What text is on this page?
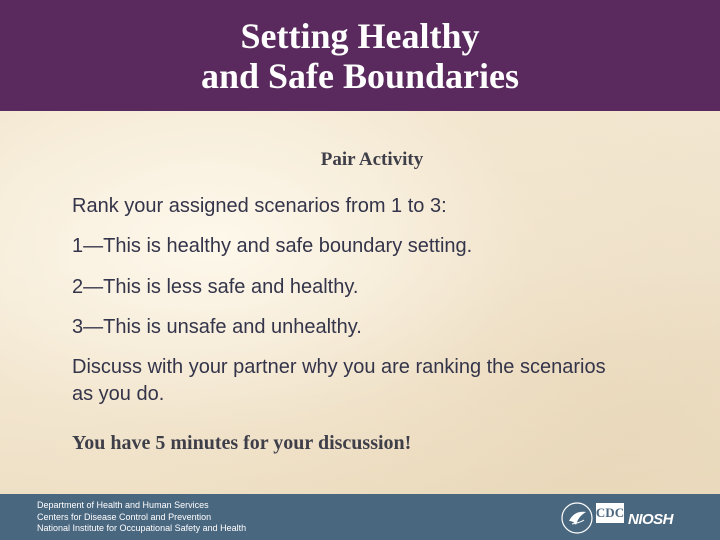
Setting Healthy
and Safe Boundaries
Pair Activity

Rank your assigned scenarios from 1 to 3:

1—This is healthy and safe boundary setting.

2—This is less safe and healthy.

3—This is unsafe and unhealthy.

Discuss with your partner why you are ranking the scenarios as you do.

You have 5 minutes for your discussion!
Department of Health and Human Services
Centers for Disease Control and Prevention
National Institute for Occupational Safety and Health
CDC NIOSH
